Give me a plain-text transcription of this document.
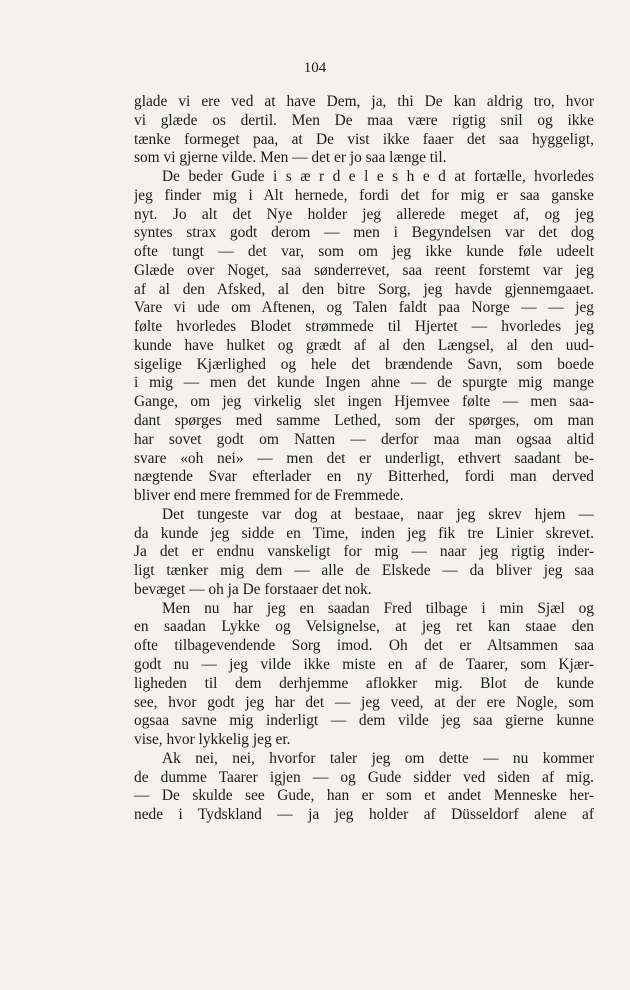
104
glade vi ere ved at have Dem, ja, thi De kan aldrig tro, hvor
vi glæde os dertil. Men De maa være rigtig snil og ikke
tænke formeget paa, at De vist ikke faaer det saa hyggeligt,
som vi gjerne vilde. Men — det er jo saa længe til.
De beder Gude i s æ r d e l e s h e d at fortælle, hvorledes
jeg finder mig i Alt hernede, fordi det for mig er saa ganske
nyt. Jo alt det Nye holder jeg allerede meget af, og jeg
syntes strax godt derom — men i Begyndelsen var det dog
ofte tungt — det var, som om jeg ikke kunde føle udeelt
Glæde over Noget, saa sønderrevet, saa reent forstemt var jeg
af al den Afsked, al den bitre Sorg, jeg havde gjennemgaaet.
Vare vi ude om Aftenen, og Talen faldt paa Norge — — jeg
følte hvorledes Blodet strømmede til Hjertet — hvorledes jeg
kunde have hulket og grædt af al den Længsel, al den uud-
sigelige Kjærlighed og hele det brændende Savn, som boede
i mig — men det kunde Ingen ahne — de spurgte mig mange
Gange, om jeg virkelig slet ingen Hjemvee følte — men saa-
dant spørges med samme Lethed, som der spørges, om man
har sovet godt om Natten — derfor maa man ogsaa altid
svare «oh nei» — men det er underligt, ethvert saadant be-
nægtende Svar efterlader en ny Bitterhed, fordi man derved
bliver end mere fremmed for de Fremmede.
Det tungeste var dog at bestaae, naar jeg skrev hjem —
da kunde jeg sidde en Time, inden jeg fik tre Linier skrevet.
Ja det er endnu vanskeligt for mig — naar jeg rigtig inder-
ligt tænker mig dem — alle de Elskede — da bliver jeg saa
bevæget — oh ja De forstaaer det nok.
Men nu har jeg en saadan Fred tilbage i min Sjæl og
en saadan Lykke og Velsignelse, at jeg ret kan staae den
ofte tilbagevendende Sorg imod. Oh det er Altsammen saa
godt nu — jeg vilde ikke miste en af de Taarer, som Kjær-
ligheden til dem derhjemme aflokker mig. Blot de kunde
see, hvor godt jeg har det — jeg veed, at der ere Nogle, som
ogsaa savne mig inderligt — dem vilde jeg saa gierne kunne
vise, hvor lykkelig jeg er.
Ak nei, nei, hvorfor taler jeg om dette — nu kommer
de dumme Taarer igjen — og Gude sidder ved siden af mig.
— De skulde see Gude, han er som et andet Menneske her-
nede i Tydskland — ja jeg holder af Düsseldorf alene af
